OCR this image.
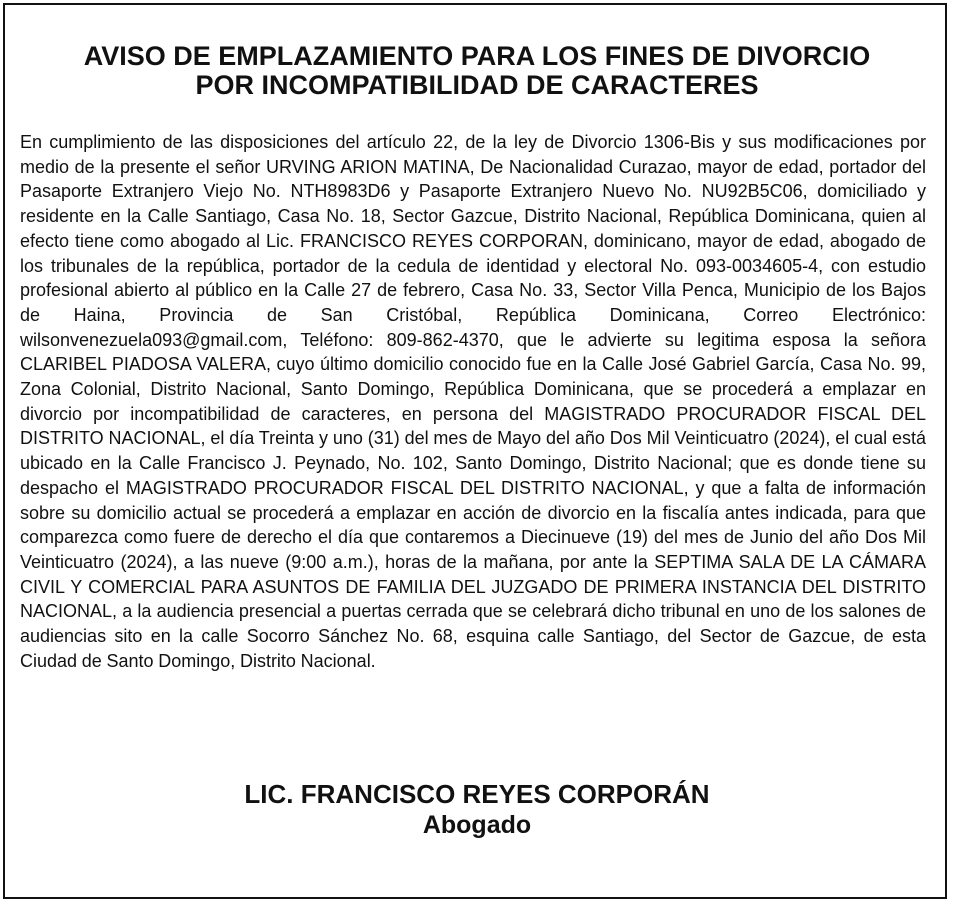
AVISO DE EMPLAZAMIENTO PARA LOS FINES DE DIVORCIO
POR INCOMPATIBILIDAD DE CARACTERES

En cumplimiento de las disposiciones del artículo 22, de la ley de Divorcio 1306-Bis y sus modificaciones por medio de la presente el señor URVING ARION MATINA, De Nacionalidad Curazao, mayor de edad, portador del Pasaporte Extranjero Viejo No. NTH8983D6 y Pasaporte Extranjero Nuevo No. NU92B5C06, domiciliado y residente en la Calle Santiago, Casa No. 18, Sector Gazcue, Distrito Nacional, República Dominicana, quien al efecto tiene como abogado al Lic. FRANCISCO REYES CORPORAN, dominicano, mayor de edad, abogado de los tribunales de la república, portador de la cedula de identidad y electoral No. 093-0034605-4, con estudio profesional abierto al público en la Calle 27 de febrero, Casa No. 33, Sector Villa Penca, Municipio de los Bajos de Haina, Provincia de San Cristóbal, República Dominicana, Correo Electrónico: wilsonvenezuela093@gmail.com, Teléfono: 809-862-4370, que le advierte su legitima esposa la señora CLARIBEL PIADOSA VALERA, cuyo último domicilio conocido fue en la Calle José Gabriel García, Casa No. 99, Zona Colonial, Distrito Nacional, Santo Domingo, República Dominicana, que se procederá a emplazar en divorcio por incompatibilidad de caracteres, en persona del MAGISTRADO PROCURADOR FISCAL DEL DISTRITO NACIONAL, el día Treinta y uno (31) del mes de Mayo del año Dos Mil Veinticuatro (2024), el cual está ubicado en la Calle Francisco J. Peynado, No. 102, Santo Domingo, Distrito Nacional; que es donde tiene su despacho el MAGISTRADO PROCURADOR FISCAL DEL DISTRITO NACIONAL, y que a falta de información sobre su domicilio actual se procederá a emplazar en acción de divorcio en la fiscalía antes indicada, para que comparezca como fuere de derecho el día que contaremos a Diecinueve (19) del mes de Junio del año Dos Mil Veinticuatro (2024), a las nueve (9:00 a.m.), horas de la mañana, por ante la SEPTIMA SALA DE LA CÁMARA CIVIL Y COMERCIAL PARA ASUNTOS DE FAMILIA DEL JUZGADO DE PRIMERA INSTANCIA DEL DISTRITO NACIONAL, a la audiencia presencial a puertas cerrada que se celebrará dicho tribunal en uno de los salones de audiencias sito en la calle Socorro Sánchez No. 68, esquina calle Santiago, del Sector de Gazcue, de esta Ciudad de Santo Domingo, Distrito Nacional.

LIC. FRANCISCO REYES CORPORÁN

Abogado
